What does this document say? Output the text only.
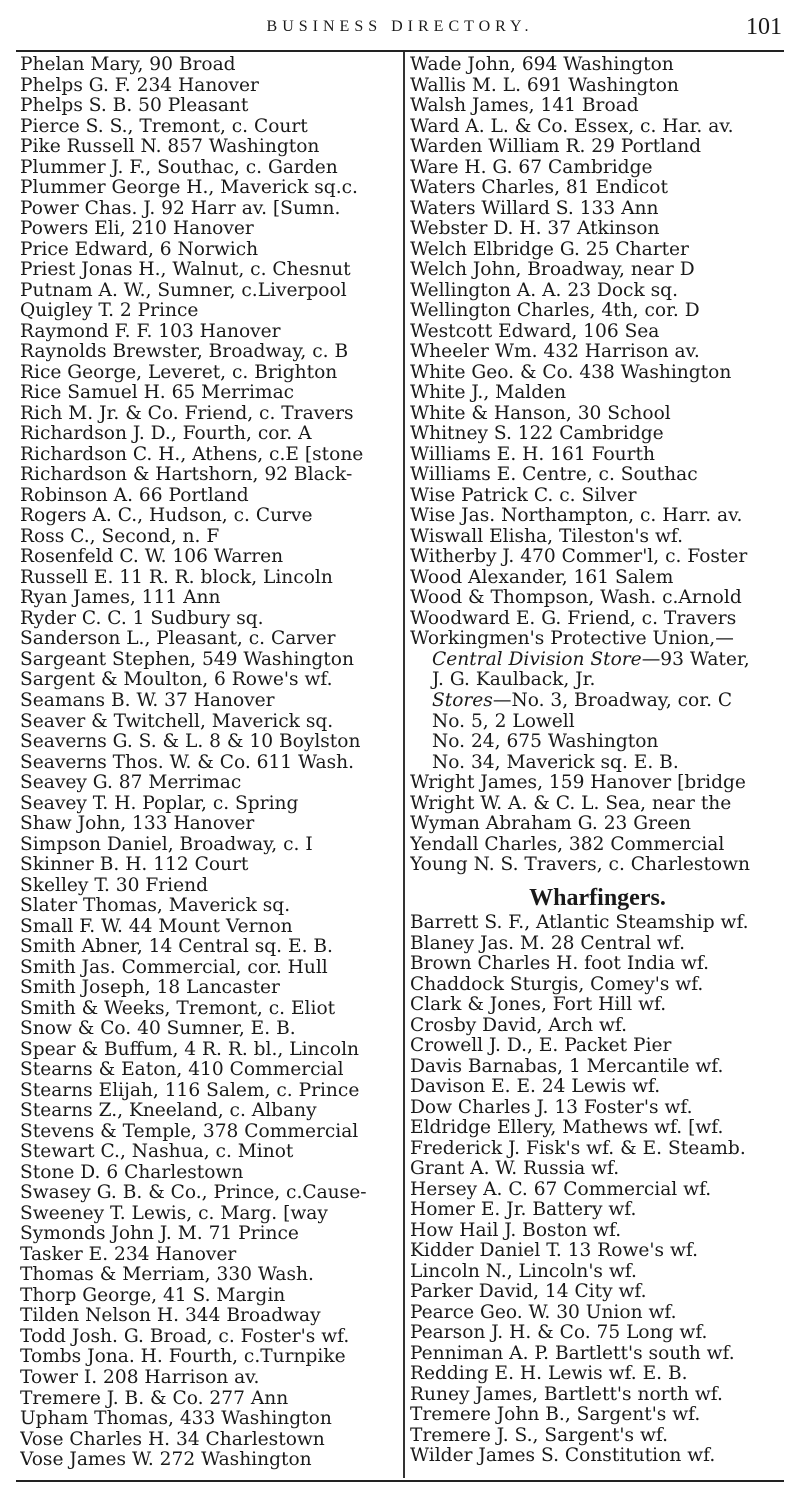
BUSINESS DIRECTORY.	101
Phelan Mary, 90 Broad
Phelps G. F. 234 Hanover
Phelps S. B. 50 Pleasant
Pierce S. S., Tremont, c. Court
Pike Russell N. 857 Washington
Plummer J. F., Southac, c. Garden
Plummer George H., Maverick sq.c.
Power Chas. J. 92 Harr av. [Sumn.
Powers Eli, 210 Hanover
Price Edward, 6 Norwich
Priest Jonas H., Walnut, c. Chesnut
Putnam A. W., Sumner, c.Liverpool
Quigley T. 2 Prince
Raymond F. F. 103 Hanover
Raynolds Brewster, Broadway, c. B
Rice George, Leveret, c. Brighton
Rice Samuel H. 65 Merrimac
Rich M. Jr. & Co. Friend, c. Travers
Richardson J. D., Fourth, cor. A
Richardson C. H., Athens, c.E [stone
Richardson & Hartshorn, 92 Black-
Robinson A. 66 Portland
Rogers A. C., Hudson, c. Curve
Ross C., Second, n. F
Rosenfeld C. W. 106 Warren
Russell E. 11 R. R. block, Lincoln
Ryan James, 111 Ann
Ryder C. C. 1 Sudbury sq.
Sanderson L., Pleasant, c. Carver
Sargeant Stephen, 549 Washington
Sargent & Moulton, 6 Rowe's wf.
Seamans B. W. 37 Hanover
Seaver & Twitchell, Maverick sq.
Seaverns G. S. & L. 8 & 10 Boylston
Seaverns Thos. W. & Co. 611 Wash.
Seavey G. 87 Merrimac
Seavey T. H. Poplar, c. Spring
Shaw John, 133 Hanover
Simpson Daniel, Broadway, c. I
Skinner B. H. 112 Court
Skelley T. 30 Friend
Slater Thomas, Maverick sq.
Small F. W. 44 Mount Vernon
Smith Abner, 14 Central sq. E. B.
Smith Jas. Commercial, cor. Hull
Smith Joseph, 18 Lancaster
Smith & Weeks, Tremont, c. Eliot
Snow & Co. 40 Sumner, E. B.
Spear & Buffum, 4 R. R. bl., Lincoln
Stearns & Eaton, 410 Commercial
Stearns Elijah, 116 Salem, c. Prince
Stearns Z., Kneeland, c. Albany
Stevens & Temple, 378 Commercial
Stewart C., Nashua, c. Minot
Stone D. 6 Charlestown
Swasey G. B. & Co., Prince, c.Cause-
Sweeney T. Lewis, c. Marg. [way
Symonds John J. M. 71 Prince
Tasker E. 234 Hanover
Thomas & Merriam, 330 Wash.
Thorp George, 41 S. Margin
Tilden Nelson H. 344 Broadway
Todd Josh. G. Broad, c. Foster's wf.
Tombs Jona. H. Fourth, c.Turnpike
Tower I. 208 Harrison av.
Tremere J. B. & Co. 277 Ann
Upham Thomas, 433 Washington
Vose Charles H. 34 Charlestown
Vose James W. 272 Washington
Wade John, 694 Washington
Wallis M. L. 691 Washington
Walsh James, 141 Broad
Ward A. L. & Co. Essex, c. Har. av.
Warden William R. 29 Portland
Ware H. G. 67 Cambridge
Waters Charles, 81 Endicot
Waters Willard S. 133 Ann
Webster D. H. 37 Atkinson
Welch Elbridge G. 25 Charter
Welch John, Broadway, near D
Wellington A. A. 23 Dock sq.
Wellington Charles, 4th, cor. D
Westcott Edward, 106 Sea
Wheeler Wm. 432 Harrison av.
White Geo. & Co. 438 Washington
White J., Malden
White & Hanson, 30 School
Whitney S. 122 Cambridge
Williams E. H. 161 Fourth
Williams E. Centre, c. Southac
Wise Patrick C. c. Silver
Wise Jas. Northampton, c. Harr. av.
Wiswall Elisha, Tileston's wf.
Witherby J. 470 Commer'l, c. Foster
Wood Alexander, 161 Salem
Wood & Thompson, Wash. c.Arnold
Woodward E. G. Friend, c. Travers
Workingmen's Protective Union,—
Central Division Store—93 Water,
J. G. Kaulback, Jr.
Stores—No. 3, Broadway, cor. C
No. 5, 2 Lowell
No. 24, 675 Washington
No. 34, Maverick sq. E. B.
Wright James, 159 Hanover [bridge
Wright W. A. & C. L. Sea, near the
Wyman Abraham G. 23 Green
Yendall Charles, 382 Commercial
Young N. S. Travers, c. Charlestown
Wharfingers.
Barrett S. F., Atlantic Steamship wf.
Blaney Jas. M. 28 Central wf.
Brown Charles H. foot India wf.
Chaddock Sturgis, Comey's wf.
Clark & Jones, Fort Hill wf.
Crosby David, Arch wf.
Crowell J. D., E. Packet Pier
Davis Barnabas, 1 Mercantile wf.
Davison E. E. 24 Lewis wf.
Dow Charles J. 13 Foster's wf.
Eldridge Ellery, Mathews wf. [wf.
Frederick J. Fisk's wf. & E. Steamb.
Grant A. W. Russia wf.
Hersey A. C. 67 Commercial wf.
Homer E. Jr. Battery wf.
How Hail J. Boston wf.
Kidder Daniel T. 13 Rowe's wf.
Lincoln N., Lincoln's wf.
Parker David, 14 City wf.
Pearce Geo. W. 30 Union wf.
Pearson J. H. & Co. 75 Long wf.
Penniman A. P. Bartlett's south wf.
Redding E. H. Lewis wf. E. B.
Runey James, Bartlett's north wf.
Tremere John B., Sargent's wf.
Tremere J. S., Sargent's wf.
Wilder James S. Constitution wf.
